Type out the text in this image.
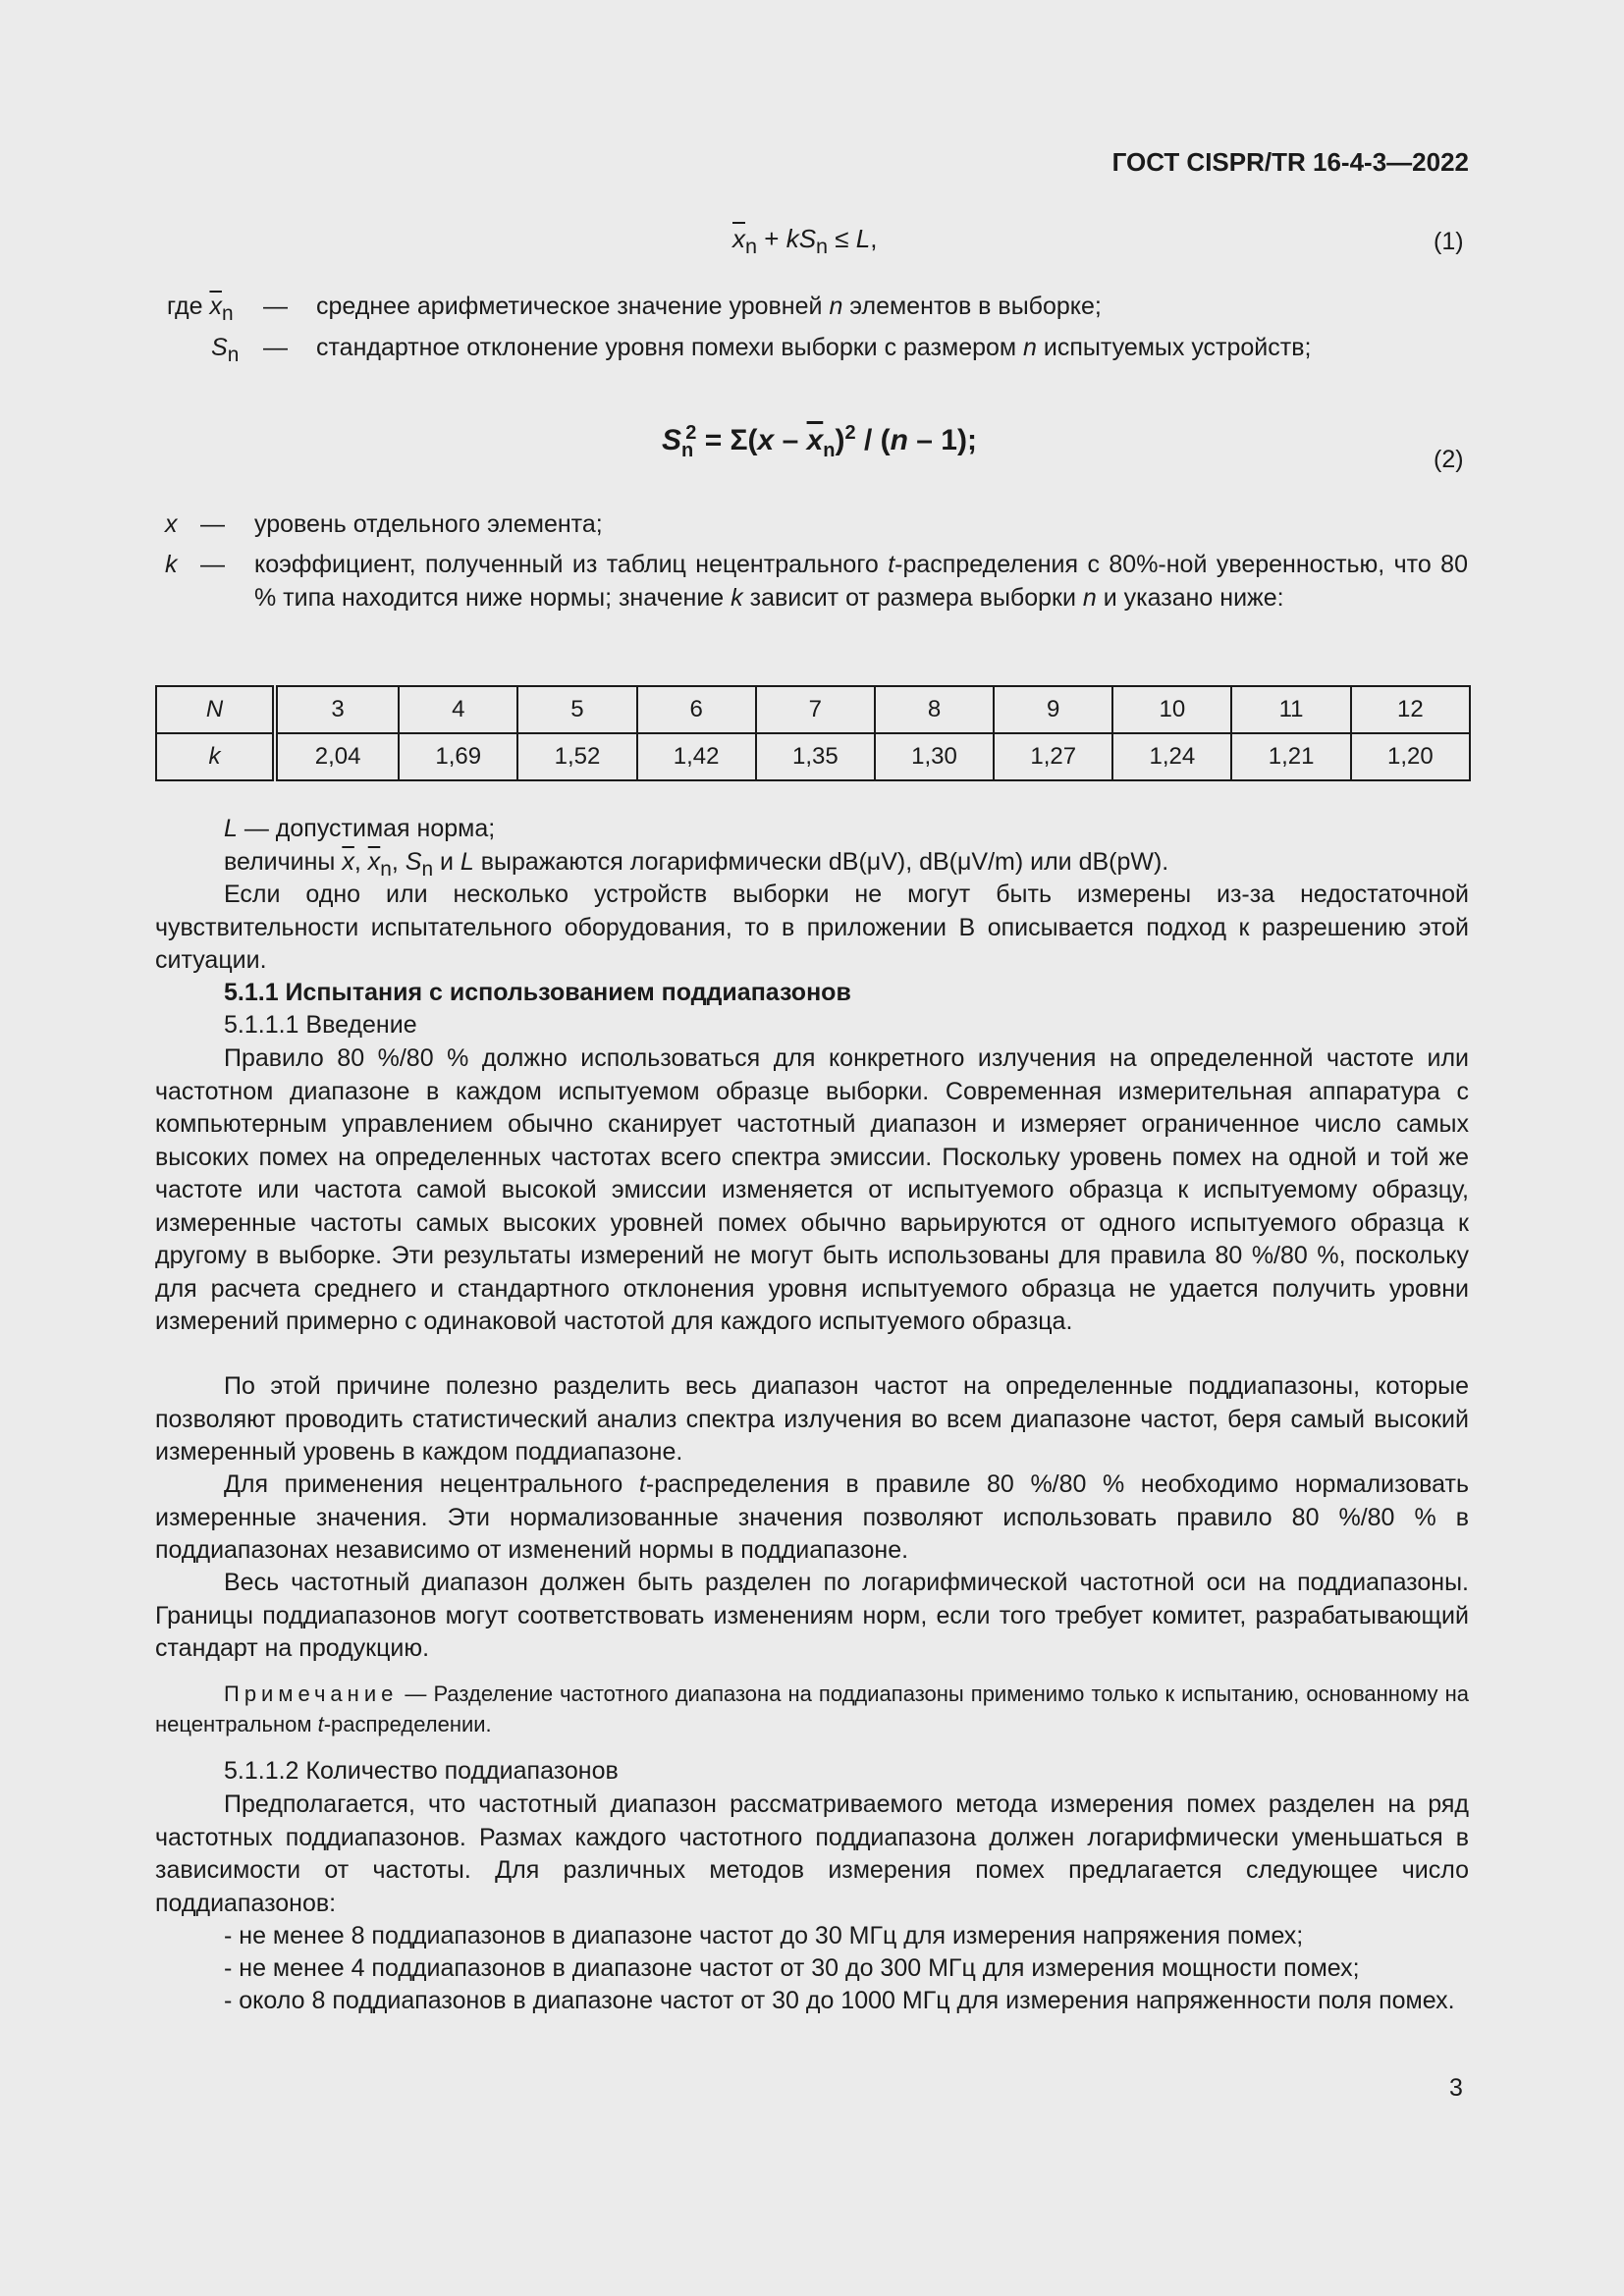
ГОСТ CISPR/TR 16-4-3—2022
$\overline{x}_n + kS_n \le L$,	(1)
где $\overline{x}_n$ — среднее арифметическое значение уровней n элементов в выборке;
$S_n$ — стандартное отклонение уровня помехи выборки с размером n испытуемых устройств;
$S_n^2 = \Sigma(x - \overline{x}_n)^2 / (n - 1)$;
(2)
x — уровень отдельного элемента;
k — коэффициент, полученный из таблиц нецентрального t-распределения с 80%-ной уверенностью, что 80 % типа находится ниже нормы; значение k зависит от размера выборки n и указано ниже:
N	3	4	5	6	7	8	9	10	11	12
k	2,04	1,69	1,52	1,42	1,35	1,30	1,27	1,24	1,21	1,20
L — допустимая норма;
величины $\overline{x}$, $\overline{x}_n$, $S_n$ и L выражаются логарифмически dB(μV), dB(μV/m) или dB(pW).
Если одно или несколько устройств выборки не могут быть измерены из-за недостаточной чувствительности испытательного оборудования, то в приложении В описывается подход к разрешению этой ситуации.
5.1.1 Испытания с использованием поддиапазонов
5.1.1.1 Введение
Правило 80 %/80 % должно использоваться для конкретного излучения на определенной частоте или частотном диапазоне в каждом испытуемом образце выборки. Современная измерительная аппаратура с компьютерным управлением обычно сканирует частотный диапазон и измеряет ограниченное число самых высоких помех на определенных частотах всего спектра эмиссии. Поскольку уровень помех на одной и той же частоте или частота самой высокой эмиссии изменяется от испытуемого образца к испытуемому образцу, измеренные частоты самых высоких уровней помех обычно варьируются от одного испытуемого образца к другому в выборке. Эти результаты измерений не могут быть использованы для правила 80 %/80 %, поскольку для расчета среднего и стандартного отклонения уровня испытуемого образца не удается получить уровни измерений примерно с одинаковой частотой для каждого испытуемого образца.
По этой причине полезно разделить весь диапазон частот на определенные поддиапазоны, которые позволяют проводить статистический анализ спектра излучения во всем диапазоне частот, беря самый высокий измеренный уровень в каждом поддиапазоне.
Для применения нецентрального t-распределения в правиле 80 %/80 % необходимо нормализовать измеренные значения. Эти нормализованные значения позволяют использовать правило 80 %/80 % в поддиапазонах независимо от изменений нормы в поддиапазоне.
Весь частотный диапазон должен быть разделен по логарифмической частотной оси на поддиапазоны. Границы поддиапазонов могут соответствовать изменениям норм, если того требует комитет, разрабатывающий стандарт на продукцию.
Примечание — Разделение частотного диапазона на поддиапазоны применимо только к испытанию, основанному на нецентральном t-распределении.
5.1.1.2 Количество поддиапазонов
Предполагается, что частотный диапазон рассматриваемого метода измерения помех разделен на ряд частотных поддиапазонов. Размах каждого частотного поддиапазона должен логарифмически уменьшаться в зависимости от частоты. Для различных методов измерения помех предлагается следующее число поддиапазонов:
- не менее 8 поддиапазонов в диапазоне частот до 30 МГц для измерения напряжения помех;
- не менее 4 поддиапазонов в диапазоне частот от 30 до 300 МГц для измерения мощности помех;
- около 8 поддиапазонов в диапазоне частот от 30 до 1000 МГц для измерения напряженности поля помех.
3
